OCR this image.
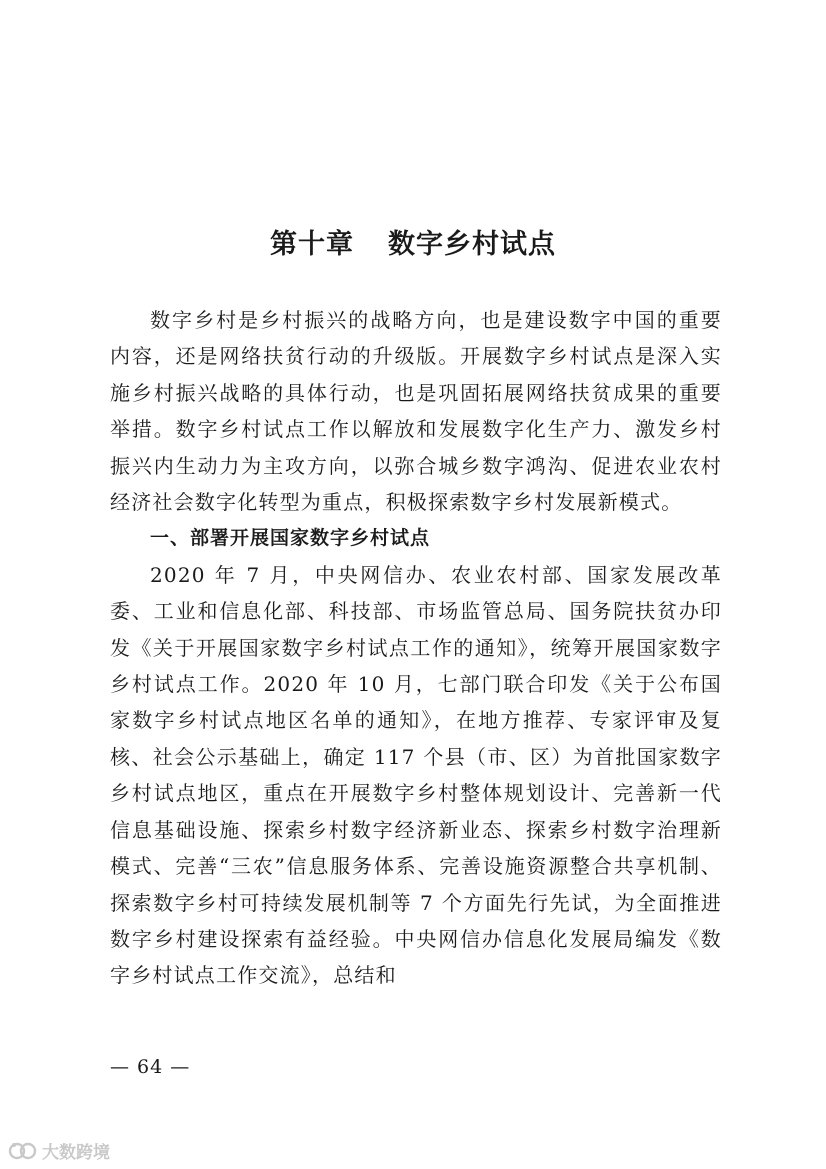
第十章 数字乡村试点

数字乡村是乡村振兴的战略方向，也是建设数字中国的重要内容，还是网络扶贫行动的升级版。开展数字乡村试点是深入实施乡村振兴战略的具体行动，也是巩固拓展网络扶贫成果的重要举措。数字乡村试点工作以解放和发展数字化生产力、激发乡村振兴内生动力为主攻方向，以弥合城乡数字鸿沟、促进农业农村经济社会数字化转型为重点，积极探索数字乡村发展新模式。

一、部署开展国家数字乡村试点

2020 年 7 月，中央网信办、农业农村部、国家发展改革委、工业和信息化部、科技部、市场监管总局、国务院扶贫办印发《关于开展国家数字乡村试点工作的通知》，统筹开展国家数字乡村试点工作。2020 年 10 月，七部门联合印发《关于公布国家数字乡村试点地区名单的通知》，在地方推荐、专家评审及复核、社会公示基础上，确定 117 个县（市、区）为首批国家数字乡村试点地区，重点在开展数字乡村整体规划设计、完善新一代信息基础设施、探索乡村数字经济新业态、探索乡村数字治理新模式、完善“三农”信息服务体系、完善设施资源整合共享机制、探索数字乡村可持续发展机制等 7 个方面先行先试，为全面推进数字乡村建设探索有益经验。中央网信办信息化发展局编发《数字乡村试点工作交流》，总结和

— 64 —
大数跨境
